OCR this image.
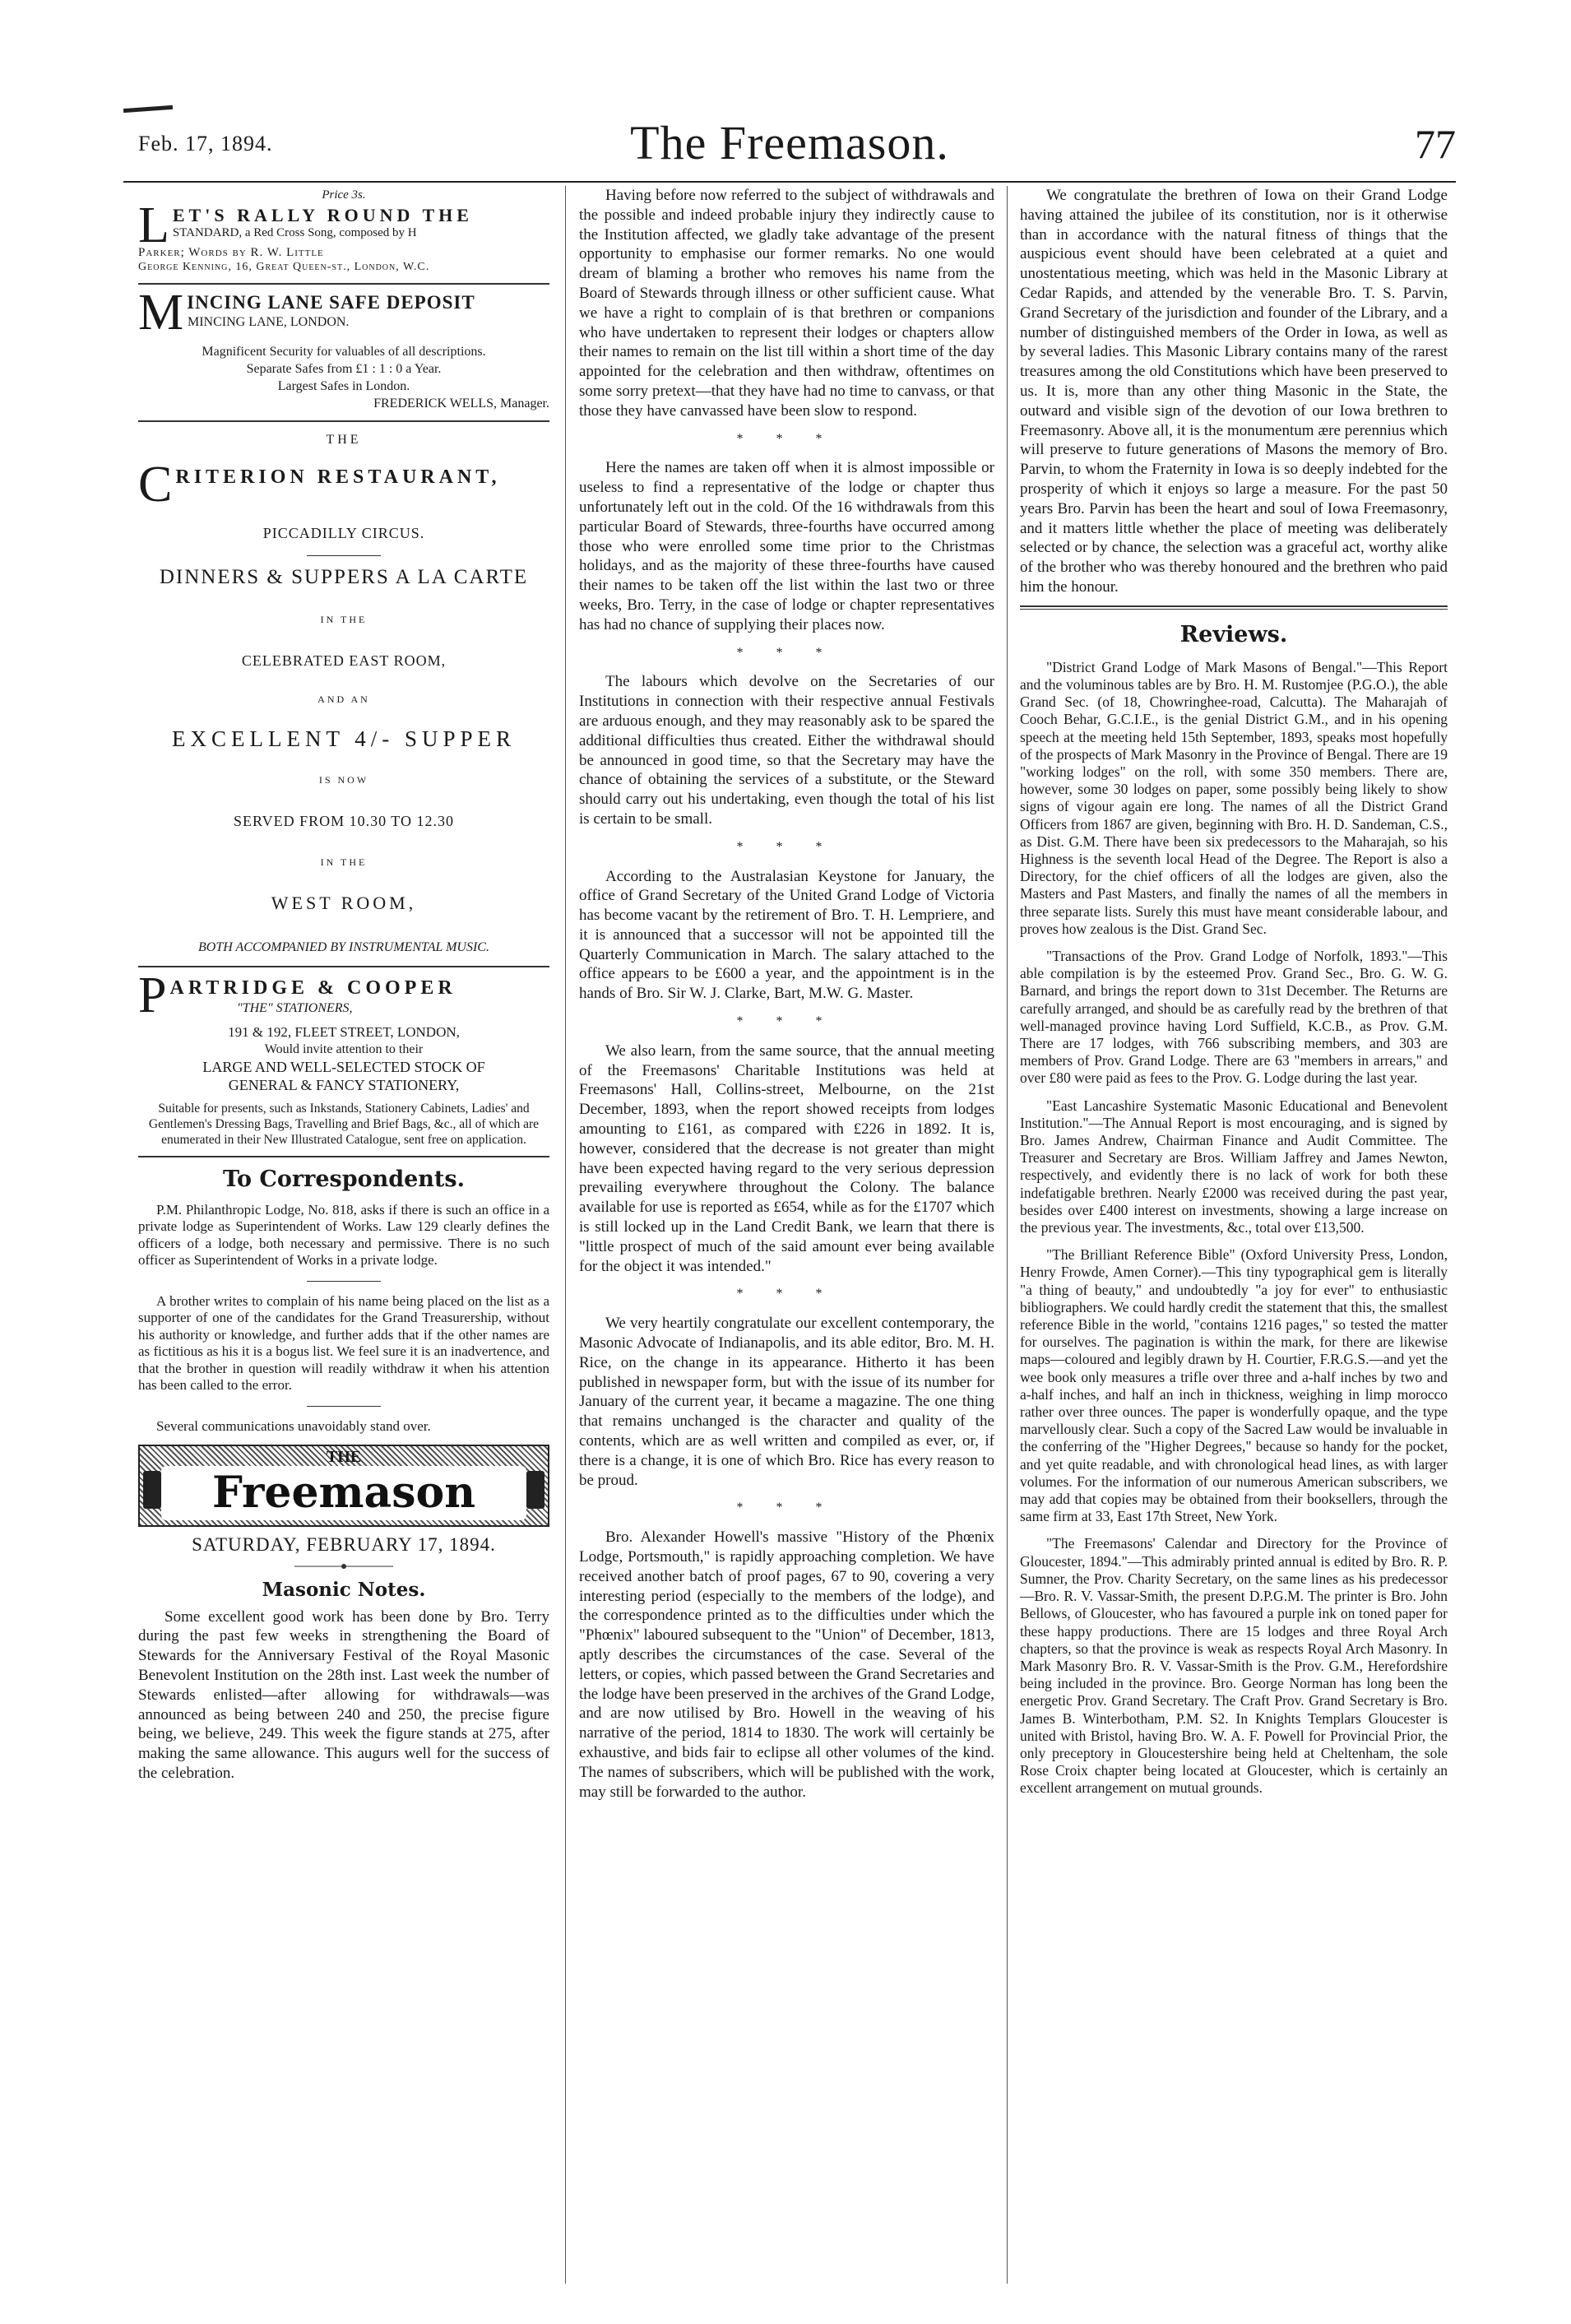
Feb. 17, 1894.	The Freemason.	77

Price 3s.

L ET'S RALLY ROUND THE
STANDARD, a Red Cross Song, composed by H
Parker; Words by R. W. Little
George Kenning, 16, Great Queen-st., London, W.C.
M INCING LANE SAFE DEPOSIT
MINCING LANE, LONDON.
Magnificent Security for valuables of all descriptions.
Separate Safes from £1 : 1 : 0 a Year.
Largest Safes in London.
FREDERICK WELLS, Manager.
THE
C RITERION RESTAURANT,
PICCADILLY CIRCUS.
DINNERS & SUPPERS A LA CARTE
IN THE
CELEBRATED EAST ROOM,
AND AN
EXCELLENT 4/- SUPPER
IS NOW
SERVED FROM 10.30 TO 12.30
IN THE
WEST ROOM,
BOTH ACCOMPANIED BY INSTRUMENTAL MUSIC.
P ARTRIDGE & COOPER
"THE" STATIONERS,
191 & 192, FLEET STREET, LONDON,
Would invite attention to their
LARGE AND WELL-SELECTED STOCK OF
GENERAL & FANCY STATIONERY,

Suitable for presents, such as Inkstands, Stationery Cabinets, Ladies' and Gentlemen's Dressing Bags, Travelling and Brief Bags, &c., all of which are enumerated in their New Illustrated Catalogue, sent free on application.

To Correspondents.

P.M. Philanthropic Lodge, No. 818, asks if there is such an office in a private lodge as Superintendent of Works. Law 129 clearly defines the officers of a lodge, both necessary and permissive. There is no such officer as Superintendent of Works in a private lodge.

A brother writes to complain of his name being placed on the list as a supporter of one of the candidates for the Grand Treasurership, without his authority or knowledge, and further adds that if the other names are as fictitious as his it is a bogus list. We feel sure it is an inadvertence, and that the brother in question will readily withdraw it when his attention has been called to the error.

Several communications unavoidably stand over.

THE
Freemason
SATURDAY, FEBRUARY 17, 1894.
Masonic Notes.

Some excellent good work has been done by Bro. Terry during the past few weeks in strengthening the Board of Stewards for the Anniversary Festival of the Royal Masonic Benevolent Institution on the 28th inst. Last week the number of Stewards enlisted—after allowing for withdrawals—was announced as being between 240 and 250, the precise figure being, we believe, 249. This week the figure stands at 275, after making the same allowance. This augurs well for the success of the celebration.

Having before now referred to the subject of withdrawals and the possible and indeed probable injury they indirectly cause to the Institution affected, we gladly take advantage of the present opportunity to emphasise our former remarks. No one would dream of blaming a brother who removes his name from the Board of Stewards through illness or other sufficient cause. What we have a right to complain of is that brethren or companions who have undertaken to represent their lodges or chapters allow their names to remain on the list till within a short time of the day appointed for the celebration and then withdraw, oftentimes on some sorry pretext—that they have had no time to canvass, or that those they have canvassed have been slow to respond.

* * *

Here the names are taken off when it is almost impossible or useless to find a representative of the lodge or chapter thus unfortunately left out in the cold. Of the 16 withdrawals from this particular Board of Stewards, three-fourths have occurred among those who were enrolled some time prior to the Christmas holidays, and as the majority of these three-fourths have caused their names to be taken off the list within the last two or three weeks, Bro. Terry, in the case of lodge or chapter representatives has had no chance of supplying their places now.

* * *

The labours which devolve on the Secretaries of our Institutions in connection with their respective annual Festivals are arduous enough, and they may reasonably ask to be spared the additional difficulties thus created. Either the withdrawal should be announced in good time, so that the Secretary may have the chance of obtaining the services of a substitute, or the Steward should carry out his undertaking, even though the total of his list is certain to be small.

* * *

According to the Australasian Keystone for January, the office of Grand Secretary of the United Grand Lodge of Victoria has become vacant by the retirement of Bro. T. H. Lempriere, and it is announced that a successor will not be appointed till the Quarterly Communication in March. The salary attached to the office appears to be £600 a year, and the appointment is in the hands of Bro. Sir W. J. Clarke, Bart, M.W. G. Master.

* * *

We also learn, from the same source, that the annual meeting of the Freemasons' Charitable Institutions was held at Freemasons' Hall, Collins-street, Melbourne, on the 21st December, 1893, when the report showed receipts from lodges amounting to £161, as compared with £226 in 1892. It is, however, considered that the decrease is not greater than might have been expected having regard to the very serious depression prevailing everywhere throughout the Colony. The balance available for use is reported as £654, while as for the £1707 which is still locked up in the Land Credit Bank, we learn that there is "little prospect of much of the said amount ever being available for the object it was intended."

* * *

We very heartily congratulate our excellent contemporary, the Masonic Advocate of Indianapolis, and its able editor, Bro. M. H. Rice, on the change in its appearance. Hitherto it has been published in newspaper form, but with the issue of its number for January of the current year, it became a magazine. The one thing that remains unchanged is the character and quality of the contents, which are as well written and compiled as ever, or, if there is a change, it is one of which Bro. Rice has every reason to be proud.

* * *

Bro. Alexander Howell's massive "History of the Phœnix Lodge, Portsmouth," is rapidly approaching completion. We have received another batch of proof pages, 67 to 90, covering a very interesting period (especially to the members of the lodge), and the correspondence printed as to the difficulties under which the "Phœnix" laboured subsequent to the "Union" of December, 1813, aptly describes the circumstances of the case. Several of the letters, or copies, which passed between the Grand Secretaries and the lodge have been preserved in the archives of the Grand Lodge, and are now utilised by Bro. Howell in the weaving of his narrative of the period, 1814 to 1830. The work will certainly be exhaustive, and bids fair to eclipse all other volumes of the kind. The names of subscribers, which will be published with the work, may still be forwarded to the author.

We congratulate the brethren of Iowa on their Grand Lodge having attained the jubilee of its constitution, nor is it otherwise than in accordance with the natural fitness of things that the auspicious event should have been celebrated at a quiet and unostentatious meeting, which was held in the Masonic Library at Cedar Rapids, and attended by the venerable Bro. T. S. Parvin, Grand Secretary of the jurisdiction and founder of the Library, and a number of distinguished members of the Order in Iowa, as well as by several ladies. This Masonic Library contains many of the rarest treasures among the old Constitutions which have been preserved to us. It is, more than any other thing Masonic in the State, the outward and visible sign of the devotion of our Iowa brethren to Freemasonry. Above all, it is the monumentum ære perennius which will preserve to future generations of Masons the memory of Bro. Parvin, to whom the Fraternity in Iowa is so deeply indebted for the prosperity of which it enjoys so large a measure. For the past 50 years Bro. Parvin has been the heart and soul of Iowa Freemasonry, and it matters little whether the place of meeting was deliberately selected or by chance, the selection was a graceful act, worthy alike of the brother who was thereby honoured and the brethren who paid him the honour.

Reviews.

"District Grand Lodge of Mark Masons of Bengal."—This Report and the voluminous tables are by Bro. H. M. Rustomjee (P.G.O.), the able Grand Sec. (of 18, Chowringhee-road, Calcutta). The Maharajah of Cooch Behar, G.C.I.E., is the genial District G.M., and in his opening speech at the meeting held 15th September, 1893, speaks most hopefully of the prospects of Mark Masonry in the Province of Bengal. There are 19 "working lodges" on the roll, with some 350 members. There are, however, some 30 lodges on paper, some possibly being likely to show signs of vigour again ere long. The names of all the District Grand Officers from 1867 are given, beginning with Bro. H. D. Sandeman, C.S., as Dist. G.M. There have been six predecessors to the Maharajah, so his Highness is the seventh local Head of the Degree. The Report is also a Directory, for the chief officers of all the lodges are given, also the Masters and Past Masters, and finally the names of all the members in three separate lists. Surely this must have meant considerable labour, and proves how zealous is the Dist. Grand Sec.

"Transactions of the Prov. Grand Lodge of Norfolk, 1893."—This able compilation is by the esteemed Prov. Grand Sec., Bro. G. W. G. Barnard, and brings the report down to 31st December. The Returns are carefully arranged, and should be as carefully read by the brethren of that well-managed province having Lord Suffield, K.C.B., as Prov. G.M. There are 17 lodges, with 766 subscribing members, and 303 are members of Prov. Grand Lodge. There are 63 "members in arrears," and over £80 were paid as fees to the Prov. G. Lodge during the last year.

"East Lancashire Systematic Masonic Educational and Benevolent Institution."—The Annual Report is most encouraging, and is signed by Bro. James Andrew, Chairman Finance and Audit Committee. The Treasurer and Secretary are Bros. William Jaffrey and James Newton, respectively, and evidently there is no lack of work for both these indefatigable brethren. Nearly £2000 was received during the past year, besides over £400 interest on investments, showing a large increase on the previous year. The investments, &c., total over £13,500.

"The Brilliant Reference Bible" (Oxford University Press, London, Henry Frowde, Amen Corner).—This tiny typographical gem is literally "a thing of beauty," and undoubtedly "a joy for ever" to enthusiastic bibliographers. We could hardly credit the statement that this, the smallest reference Bible in the world, "contains 1216 pages," so tested the matter for ourselves. The pagination is within the mark, for there are likewise maps—coloured and legibly drawn by H. Courtier, F.R.G.S.—and yet the wee book only measures a trifle over three and a-half inches by two and a-half inches, and half an inch in thickness, weighing in limp morocco rather over three ounces. The paper is wonderfully opaque, and the type marvellously clear. Such a copy of the Sacred Law would be invaluable in the conferring of the "Higher Degrees," because so handy for the pocket, and yet quite readable, and with chronological head lines, as with larger volumes. For the information of our numerous American subscribers, we may add that copies may be obtained from their booksellers, through the same firm at 33, East 17th Street, New York.

"The Freemasons' Calendar and Directory for the Province of Gloucester, 1894."—This admirably printed annual is edited by Bro. R. P. Sumner, the Prov. Charity Secretary, on the same lines as his predecessor—Bro. R. V. Vassar-Smith, the present D.P.G.M. The printer is Bro. John Bellows, of Gloucester, who has favoured a purple ink on toned paper for these happy productions. There are 15 lodges and three Royal Arch chapters, so that the province is weak as respects Royal Arch Masonry. In Mark Masonry Bro. R. V. Vassar-Smith is the Prov. G.M., Herefordshire being included in the province. Bro. George Norman has long been the energetic Prov. Grand Secretary. The Craft Prov. Grand Secretary is Bro. James B. Winterbotham, P.M. S2. In Knights Templars Gloucester is united with Bristol, having Bro. W. A. F. Powell for Provincial Prior, the only preceptory in Gloucestershire being held at Cheltenham, the sole Rose Croix chapter being located at Gloucester, which is certainly an excellent arrangement on mutual grounds.
